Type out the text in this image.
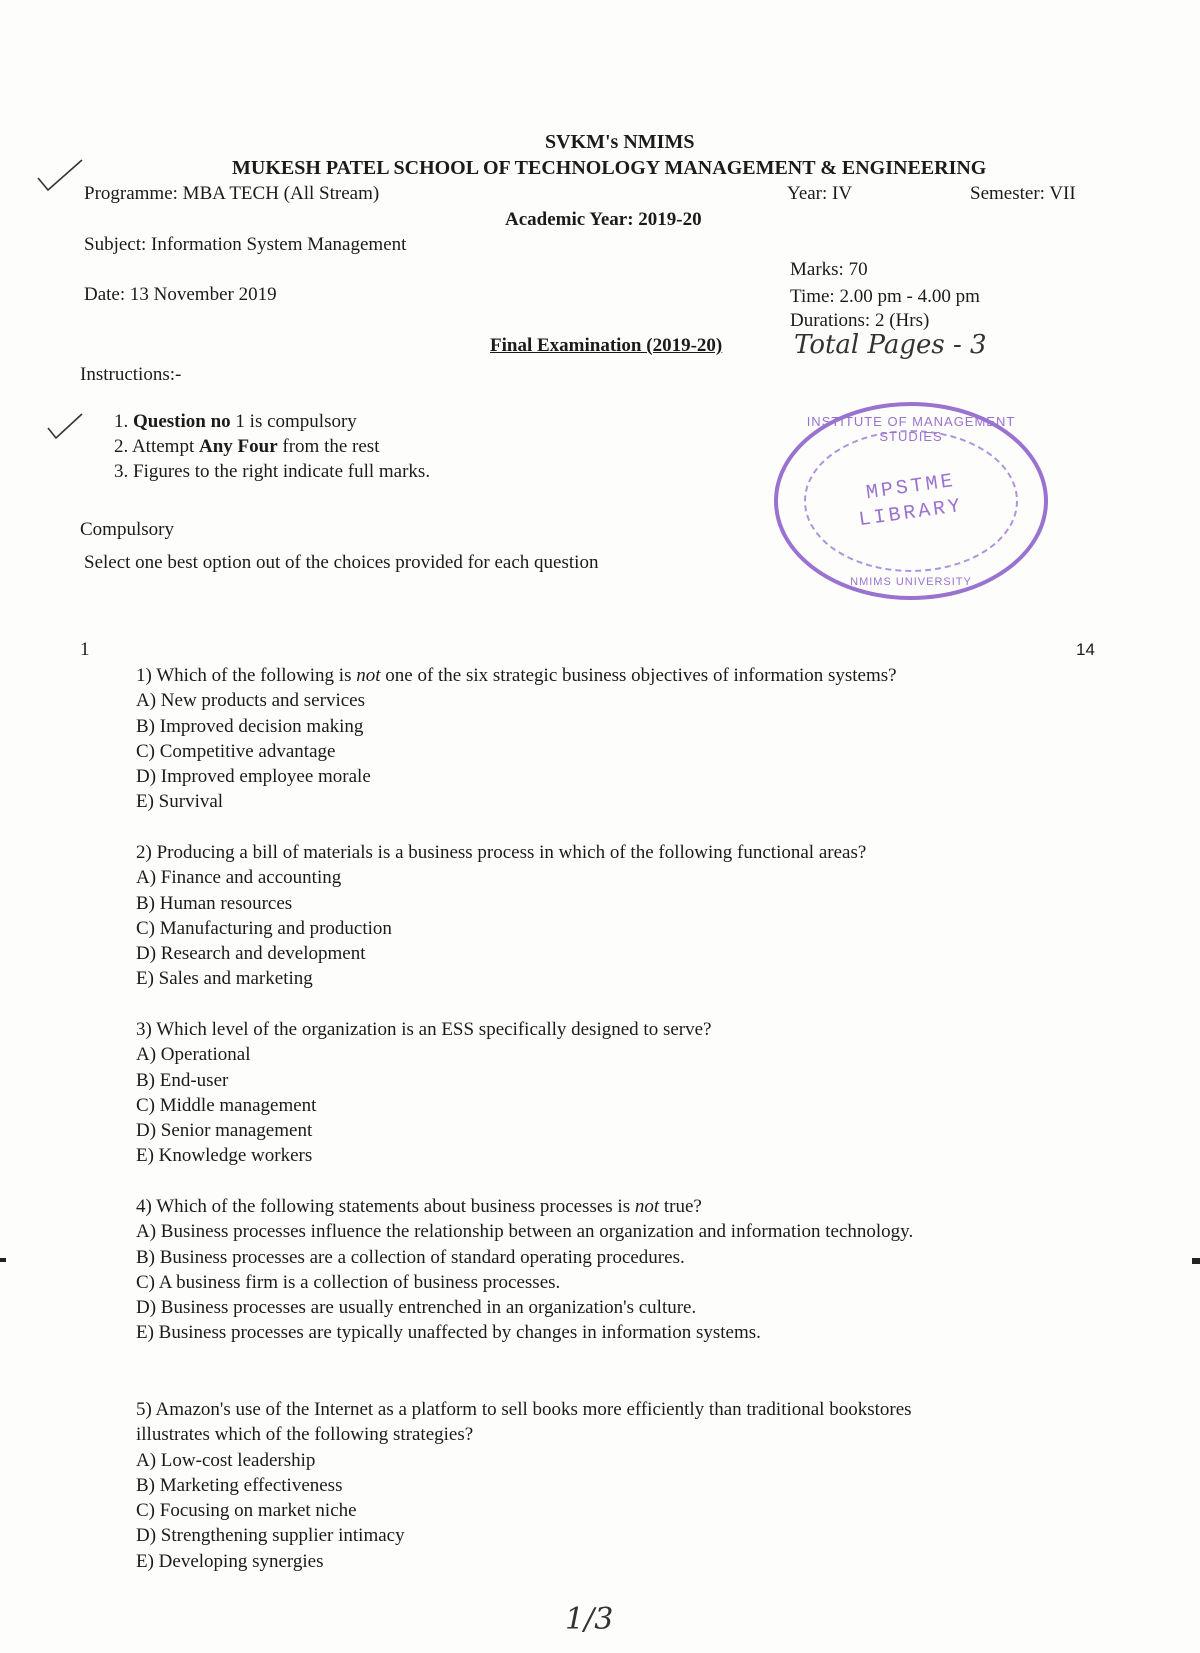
SVKM's NMIMS
MUKESH PATEL SCHOOL OF TECHNOLOGY MANAGEMENT & ENGINEERING
Programme: MBA TECH (All Stream)	Year: IV	Semester: VII
Academic Year: 2019-20
Subject: Information System Management
Marks: 70
Date: 13 November 2019	Time: 2.00 pm - 4.00 pm
Durations: 2 (Hrs)
Final Examination (2019-20)	Total Pages - 3
INSTITUTE OF MANAGEMENT STUDIES
MPSTME
LIBRARY
NMIMS UNIVERSITY
Instructions:-
1. Question no 1 is compulsory
2. Attempt Any Four from the rest
3. Figures to the right indicate full marks.
Compulsory
Select one best option out of the choices provided for each question
1	14
1) Which of the following is not one of the six strategic business objectives of information systems?
A) New products and services
B) Improved decision making
C) Competitive advantage
D) Improved employee morale
E) Survival
2) Producing a bill of materials is a business process in which of the following functional areas?
A) Finance and accounting
B) Human resources
C) Manufacturing and production
D) Research and development
E) Sales and marketing
3) Which level of the organization is an ESS specifically designed to serve?
A) Operational
B) End-user
C) Middle management
D) Senior management
E) Knowledge workers
4) Which of the following statements about business processes is not true?
A) Business processes influence the relationship between an organization and information technology.
B) Business processes are a collection of standard operating procedures.
C) A business firm is a collection of business processes.
D) Business processes are usually entrenched in an organization's culture.
E) Business processes are typically unaffected by changes in information systems.
5) Amazon's use of the Internet as a platform to sell books more efficiently than traditional bookstores illustrates which of the following strategies?
A) Low-cost leadership
B) Marketing effectiveness
C) Focusing on market niche
D) Strengthening supplier intimacy
E) Developing synergies
1/3
